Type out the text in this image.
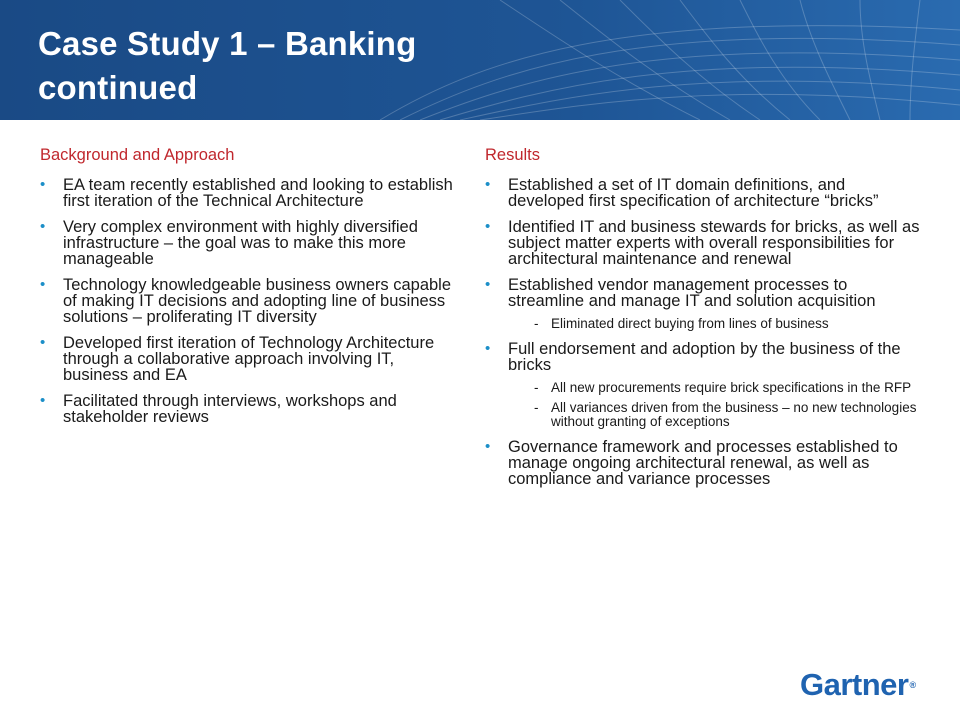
Case Study 1 – Banking
continued
Background and Approach
• EA team recently established and looking to establish first iteration of the Technical Architecture
• Very complex environment with highly diversified infrastructure – the goal was to make this more manageable
• Technology knowledgeable business owners capable of making IT decisions and adopting line of business solutions – proliferating IT diversity
• Developed first iteration of Technology Architecture through a collaborative approach involving IT, business and EA
• Facilitated through interviews, workshops and stakeholder reviews
Results
• Established a set of IT domain definitions, and developed first specification of architecture “bricks”
• Identified IT and business stewards for bricks, as well as subject matter experts with overall responsibilities for architectural maintenance and renewal
• Established vendor management processes to streamline and manage IT and solution acquisition
- Eliminated direct buying from lines of business
• Full endorsement and adoption by the business of the bricks
- All new procurements require brick specifications in the RFP
- All variances driven from the business – no new technologies without granting of exceptions
• Governance framework and processes established to manage ongoing architectural renewal, as well as compliance and variance processes
Gartner®
